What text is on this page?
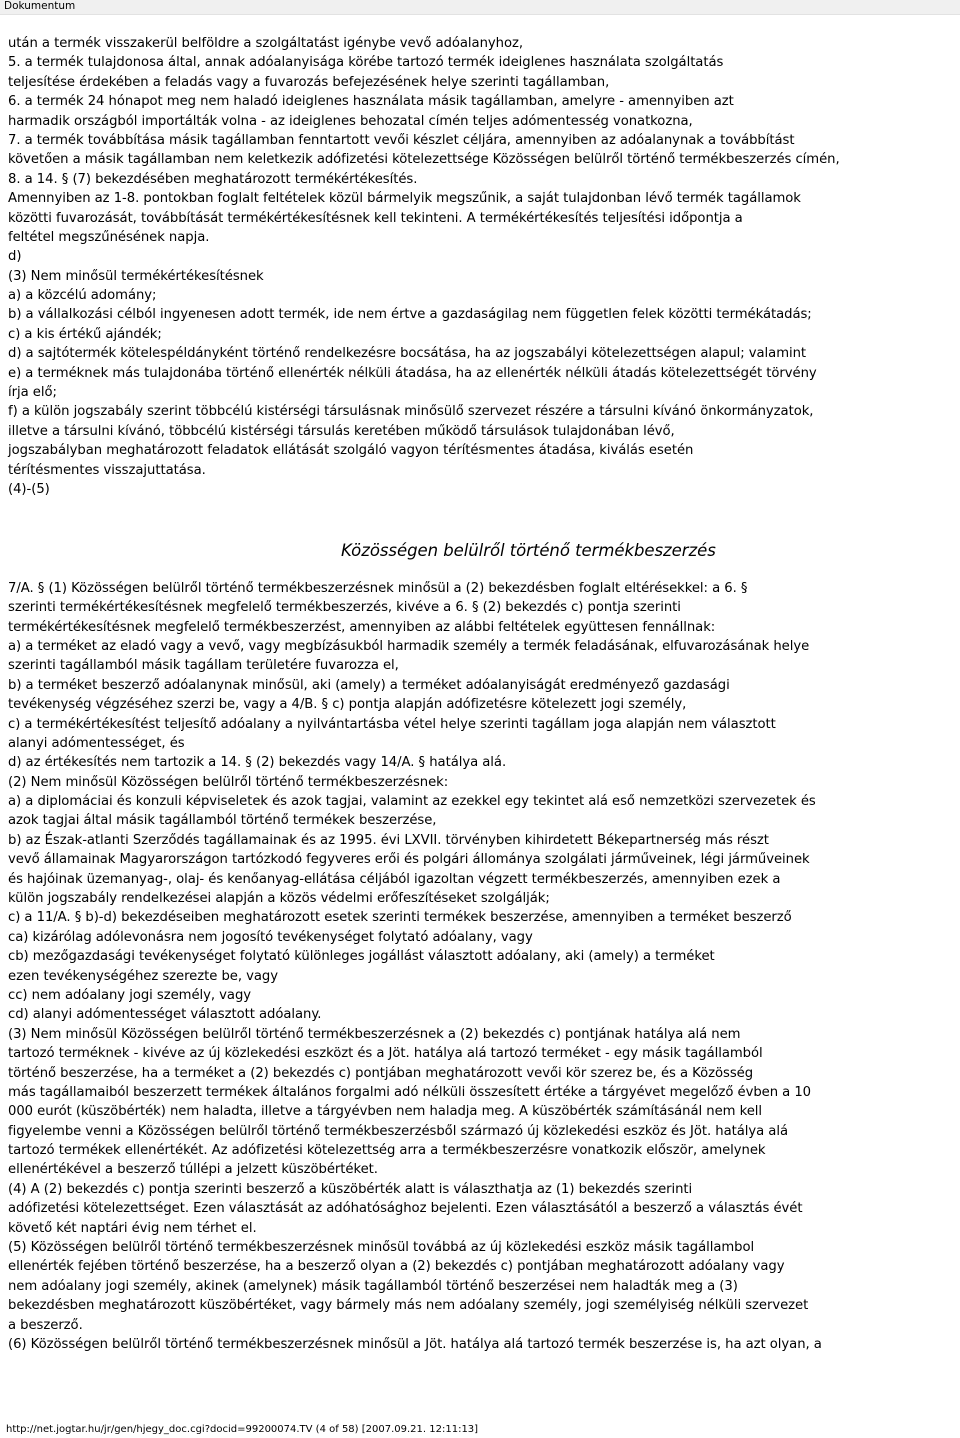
Dokumentum
után a termék visszakerül belföldre a szolgáltatást igénybe vevő adóalanyhoz,
5. a termék tulajdonosa által, annak adóalanyisága körébe tartozó termék ideiglenes használata szolgáltatás
teljesítése érdekében a feladás vagy a fuvarozás befejezésének helye szerinti tagállamban,
6. a termék 24 hónapot meg nem haladó ideiglenes használata másik tagállamban, amelyre - amennyiben azt
harmadik országból importálták volna - az ideiglenes behozatal címén teljes adómentesség vonatkozna,
7. a termék továbbítása másik tagállamban fenntartott vevői készlet céljára, amennyiben az adóalanynak a továbbítást
követően a másik tagállamban nem keletkezik adófizetési kötelezettsége Közösségen belülről történő termékbeszerzés címén,
8. a 14. § (7) bekezdésében meghatározott termékértékesítés.
Amennyiben az 1-8. pontokban foglalt feltételek közül bármelyik megszűnik, a saját tulajdonban lévő termék tagállamok
közötti fuvarozását, továbbítását termékértékesítésnek kell tekinteni. A termékértékesítés teljesítési időpontja a
feltétel megszűnésének napja.
d)
(3) Nem minősül termékértékesítésnek
a) a közcélú adomány;
b) a vállalkozási célból ingyenesen adott termék, ide nem értve a gazdaságilag nem független felek közötti termékátadás;
c) a kis értékű ajándék;
d) a sajtótermék kötelespéldányként történő rendelkezésre bocsátása, ha az jogszabályi kötelezettségen alapul; valamint
e) a terméknek más tulajdonába történő ellenérték nélküli átadása, ha az ellenérték nélküli átadás kötelezettségét törvény
írja elő;
f) a külön jogszabály szerint többcélú kistérségi társulásnak minősülő szervezet részére a társulni kívánó önkormányzatok,
illetve a társulni kívánó, többcélú kistérségi társulás keretében működő társulások tulajdonában lévő,
jogszabályban meghatározott feladatok ellátását szolgáló vagyon térítésmentes átadása, kiválás esetén
térítésmentes visszajuttatása.
(4)-(5)
Közösségen belülről történő termékbeszerzés
7/A. § (1) Közösségen belülről történő termékbeszerzésnek minősül a (2) bekezdésben foglalt eltérésekkel: a 6. §
szerinti termékértékesítésnek megfelelő termékbeszerzés, kivéve a 6. § (2) bekezdés c) pontja szerinti
termékértékesítésnek megfelelő termékbeszerzést, amennyiben az alábbi feltételek együttesen fennállnak:
a) a terméket az eladó vagy a vevő, vagy megbízásukból harmadik személy a termék feladásának, elfuvarozásának helye
szerinti tagállamból másik tagállam területére fuvarozza el,
b) a terméket beszerző adóalanynak minősül, aki (amely) a terméket adóalanyiságát eredményező gazdasági
tevékenység végzéséhez szerzi be, vagy a 4/B. § c) pontja alapján adófizetésre kötelezett jogi személy,
c) a termékértékesítést teljesítő adóalany a nyilvántartásba vétel helye szerinti tagállam joga alapján nem választott
alanyi adómentességet, és
d) az értékesítés nem tartozik a 14. § (2) bekezdés vagy 14/A. § hatálya alá.
(2) Nem minősül Közösségen belülről történő termékbeszerzésnek:
a) a diplomáciai és konzuli képviseletek és azok tagjai, valamint az ezekkel egy tekintet alá eső nemzetközi szervezetek és
azok tagjai által másik tagállamból történő termékek beszerzése,
b) az Észak-atlanti Szerződés tagállamainak és az 1995. évi LXVII. törvényben kihirdetett Békepartnerség más részt
vevő államainak Magyarországon tartózkodó fegyveres erői és polgári állománya szolgálati járműveinek, légi járműveinek
és hajóinak üzemanyag-, olaj- és kenőanyag-ellátása céljából igazoltan végzett termékbeszerzés, amennyiben ezek a
külön jogszabály rendelkezései alapján a közös védelmi erőfeszítéseket szolgálják;
c) a 11/A. § b)-d) bekezdéseiben meghatározott esetek szerinti termékek beszerzése, amennyiben a terméket beszerző
ca) kizárólag adólevonásra nem jogosító tevékenységet folytató adóalany, vagy
cb) mezőgazdasági tevékenységet folytató különleges jogállást választott adóalany, aki (amely) a terméket
ezen tevékenységéhez szerezte be, vagy
cc) nem adóalany jogi személy, vagy
cd) alanyi adómentességet választott adóalany.
(3) Nem minősül Közösségen belülről történő termékbeszerzésnek a (2) bekezdés c) pontjának hatálya alá nem
tartozó terméknek - kivéve az új közlekedési eszközt és a Jöt. hatálya alá tartozó terméket - egy másik tagállamból
történő beszerzése, ha a terméket a (2) bekezdés c) pontjában meghatározott vevői kör szerez be, és a Közösség
más tagállamaiból beszerzett termékek általános forgalmi adó nélküli összesített értéke a tárgyévet megelőző évben a 10
000 eurót (küszöbérték) nem haladta, illetve a tárgyévben nem haladja meg. A küszöbérték számításánál nem kell
figyelembe venni a Közösségen belülről történő termékbeszerzésből származó új közlekedési eszköz és Jöt. hatálya alá
tartozó termékek ellenértékét. Az adófizetési kötelezettség arra a termékbeszerzésre vonatkozik először, amelynek
ellenértékével a beszerző túllépi a jelzett küszöbértéket.
(4) A (2) bekezdés c) pontja szerinti beszerző a küszöbérték alatt is választhatja az (1) bekezdés szerinti
adófizetési kötelezettséget. Ezen választását az adóhatósághoz bejelenti. Ezen választásától a beszerző a választás évét
követő két naptári évig nem térhet el.
(5) Közösségen belülről történő termékbeszerzésnek minősül továbbá az új közlekedési eszköz másik tagállambol
ellenérték fejében történő beszerzése, ha a beszerző olyan a (2) bekezdés c) pontjában meghatározott adóalany vagy
nem adóalany jogi személy, akinek (amelynek) másik tagállamból történő beszerzései nem haladták meg a (3)
bekezdésben meghatározott küszöbértéket, vagy bármely más nem adóalany személy, jogi személyiség nélküli szervezet
a beszerző.
(6) Közösségen belülről történő termékbeszerzésnek minősül a Jöt. hatálya alá tartozó termék beszerzése is, ha azt olyan, a
http://net.jogtar.hu/jr/gen/hjegy_doc.cgi?docid=99200074.TV (4 of 58) [2007.09.21. 12:11:13]
